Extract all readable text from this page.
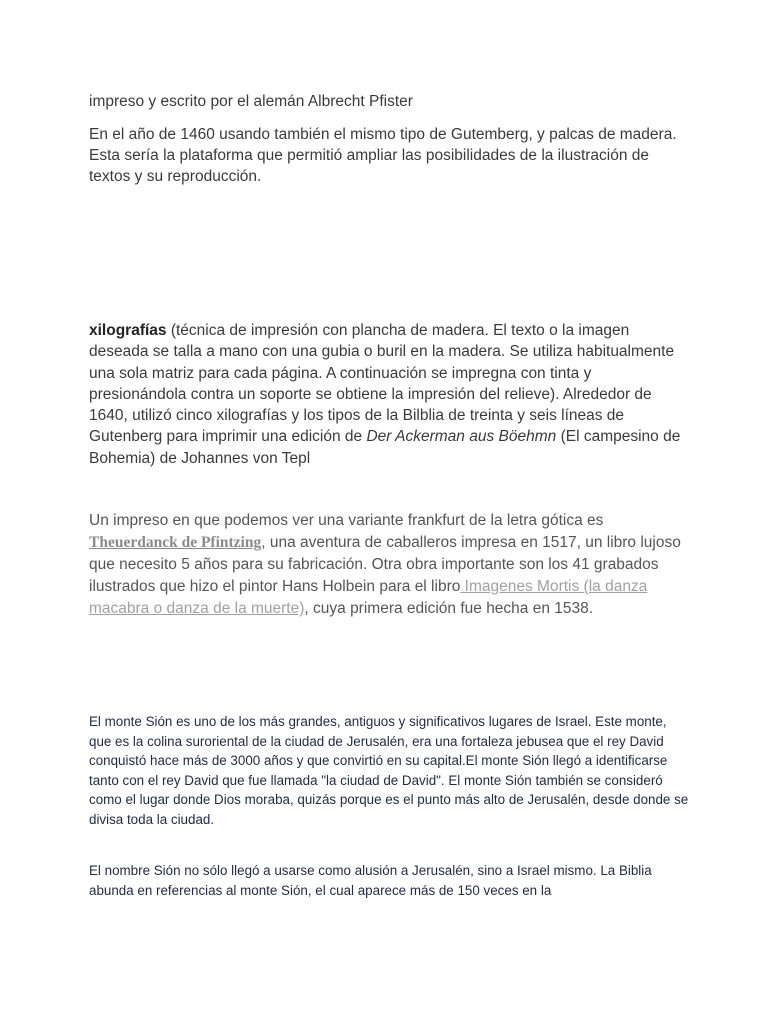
impreso y escrito por el alemán Albrecht Pfister

En el año de 1460 usando también el mismo tipo de Gutemberg, y palcas de madera. Esta sería la plataforma que permitió ampliar las posibilidades de la ilustración de textos y su reproducción.

xilografías (técnica de impresión con plancha de madera. El texto o la imagen deseada se talla a mano con una gubia o buril en la madera. Se utiliza habitualmente una sola matriz para cada página. A continuación se impregna con tinta y presionándola contra un soporte se obtiene la impresión del relieve). Alrededor de 1640, utilizó cinco xilografías y los tipos de la Bilblia de treinta y seis líneas de Gutenberg para imprimir una edición de Der Ackerman aus Böehmn (El campesino de Bohemia) de Johannes von Tepl

Un impreso en que podemos ver una variante frankfurt de la letra gótica es Theuerdanck de Pfintzing, una aventura de caballeros impresa en 1517, un libro lujoso que necesito 5 años para su fabricación. Otra obra importante son los 41 grabados ilustrados que hizo el pintor Hans Holbein para el libro Imagenes Mortis (la danza macabra o danza de la muerte), cuya primera edición fue hecha en 1538.

El monte Sión es uno de los más grandes, antiguos y significativos lugares de Israel. Este monte, que es la colina suroriental de la ciudad de Jerusalén, era una fortaleza jebusea que el rey David conquistó hace más de 3000 años y que convirtió en su capital.El monte Sión llegó a identificarse tanto con el rey David que fue llamada "la ciudad de David". El monte Sión también se consideró como el lugar donde Dios moraba, quizás porque es el punto más alto de Jerusalén, desde donde se divisa toda la ciudad.

El nombre Sión no sólo llegó a usarse como alusión a Jerusalén, sino a Israel mismo. La Biblia abunda en referencias al monte Sión, el cual aparece más de 150 veces en la
